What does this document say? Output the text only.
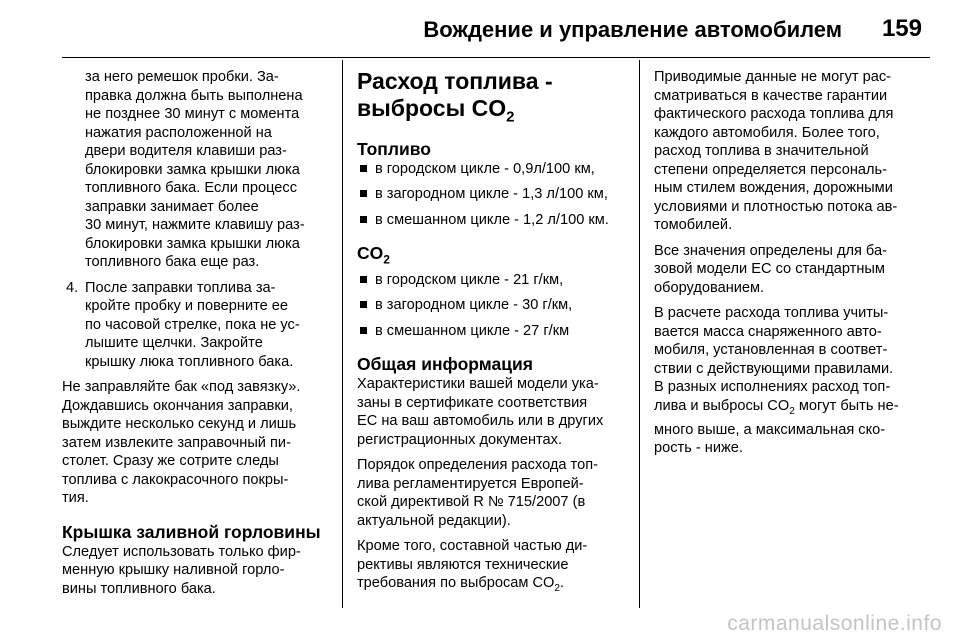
Вождение и управление автомобилем 159
за него ремешок пробки. За-
правка должна быть выполнена
не позднее 30 минут с момента
нажатия расположенной на
двери водителя клавиши раз-
блокировки замка крышки люка
топливного бака. Если процесс
заправки занимает более
30 минут, нажмите клавишу раз-
блокировки замка крышки люка
топливного бака еще раз.
4. После заправки топлива за-
кройте пробку и поверните ее
по часовой стрелке, пока не ус-
лышите щелчки. Закройте
крышку люка топливного бака.
Не заправляйте бак «под завязку».
Дождавшись окончания заправки,
выждите несколько секунд и лишь
затем извлеките заправочный пи-
столет. Сразу же сотрите следы
топлива с лакокрасочного покры-
тия.
Крышка заливной горловины
Следует использовать только фир-
менную крышку наливной горло-
вины топливного бака.
Расход топлива -
выбросы $CO_2$
Топливо
в городском цикле - 0,9л/100 км,
в загородном цикле - 1,3 л/100 км,
в смешанном цикле - 1,2 л/100 км.
$CO_2$
в городском цикле - 21 г/км,
в загородном цикле - 30 г/км,
в смешанном цикле - 27 г/км
Общая информация
Характеристики вашей модели ука-
заны в сертификате соответствия
ЕС на ваш автомобиль или в других
регистрационных документах.
Порядок определения расхода топ-
лива регламентируется Европей-
ской директивой R № 715/2007 (в
актуальной редакции).
Кроме того, составной частью ди-
рективы являются технические
требования по выбросам $CO_2$.
Приводимые данные не могут рас-
сматриваться в качестве гарантии
фактического расхода топлива для
каждого автомобиля. Более того,
расход топлива в значительной
степени определяется персональ-
ным стилем вождения, дорожными
условиями и плотностью потока ав-
томобилей.
Все значения определены для ба-
зовой модели ЕС со стандартным
оборудованием.
В расчете расхода топлива учиты-
вается масса снаряженного авто-
мобиля, установленная в соответ-
ствии с действующими правилами.
В разных исполнениях расход топ-
лива и выбросы $CO_2$ могут быть не-
много выше, а максимальная ско-
рость - ниже.
carmanualsonline.info
